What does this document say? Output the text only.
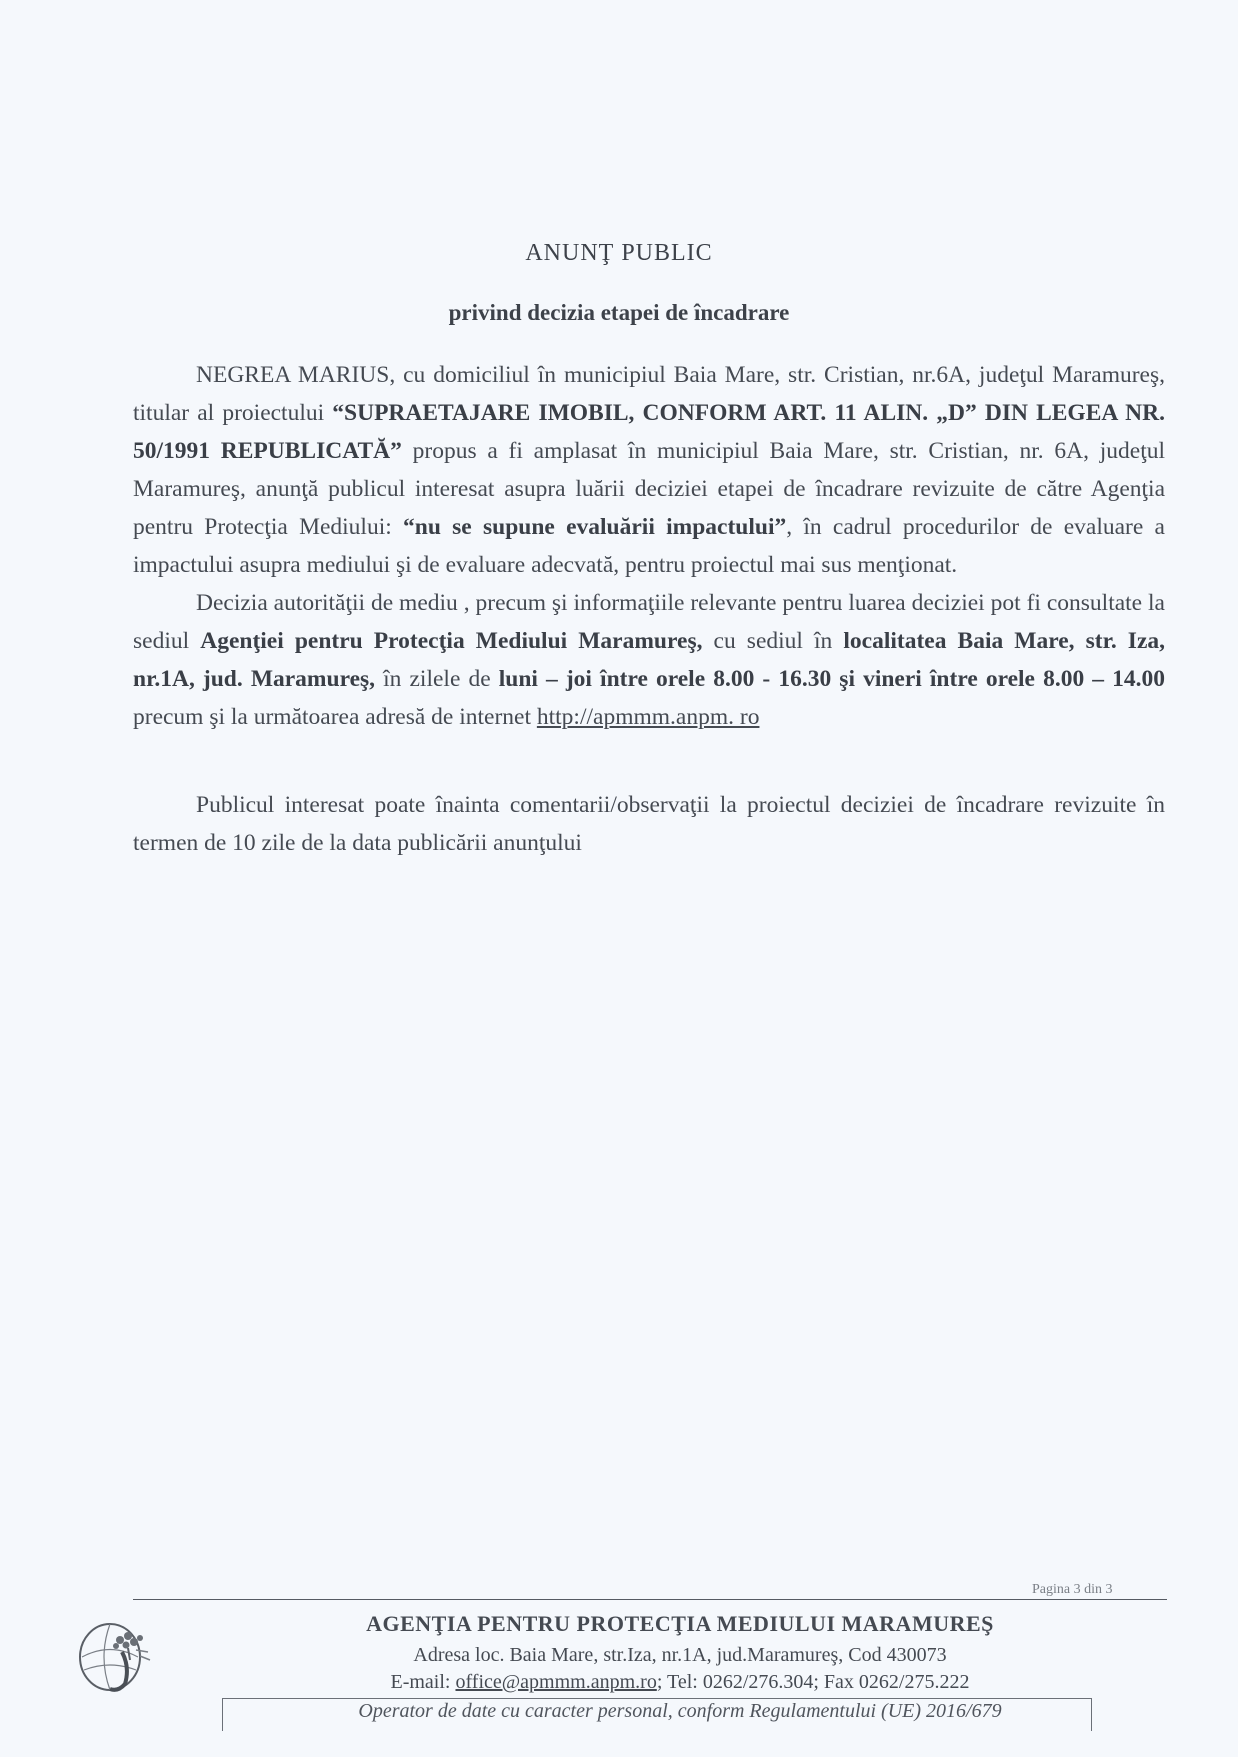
ANUNŢ PUBLIC
privind decizia etapei de încadrare
NEGREA MARIUS, cu domiciliul în municipiul Baia Mare, str. Cristian, nr.6A, judeţul Maramureş, titular al proiectului “SUPRAETAJARE IMOBIL, CONFORM ART. 11 ALIN. „D” DIN LEGEA NR. 50/1991 REPUBLICATĂ” propus a fi amplasat în municipiul Baia Mare, str. Cristian, nr. 6A, judeţul Maramureş, anunţă publicul interesat asupra luării deciziei etapei de încadrare revizuite de către Agenţia pentru Protecţia Mediului: “nu se supune evaluării impactului”, în cadrul procedurilor de evaluare a impactului asupra mediului şi de evaluare adecvată, pentru proiectul mai sus menţionat.
Decizia autorităţii de mediu , precum şi informaţiile relevante pentru luarea deciziei pot fi consultate la sediul Agenţiei pentru Protecţia Mediului Maramureş, cu sediul în localitatea Baia Mare, str. Iza, nr.1A, jud. Maramureş, în zilele de luni – joi între orele 8.00 - 16.30 şi vineri între orele 8.00 – 14.00 precum şi la următoarea adresă de internet http://apmmm.anpm. ro
Publicul interesat poate înainta comentarii/observaţii la proiectul deciziei de încadrare revizuite în termen de 10 zile de la data publicării anunţului
Pagina 3 din 3
AGENŢIA PENTRU PROTECŢIA MEDIULUI MARAMUREŞ
Adresa loc. Baia Mare, str.Iza, nr.1A, jud.Maramureş, Cod 430073
E-mail: office@apmmm.anpm.ro; Tel: 0262/276.304; Fax 0262/275.222
Operator de date cu caracter personal, conform Regulamentului (UE) 2016/679
